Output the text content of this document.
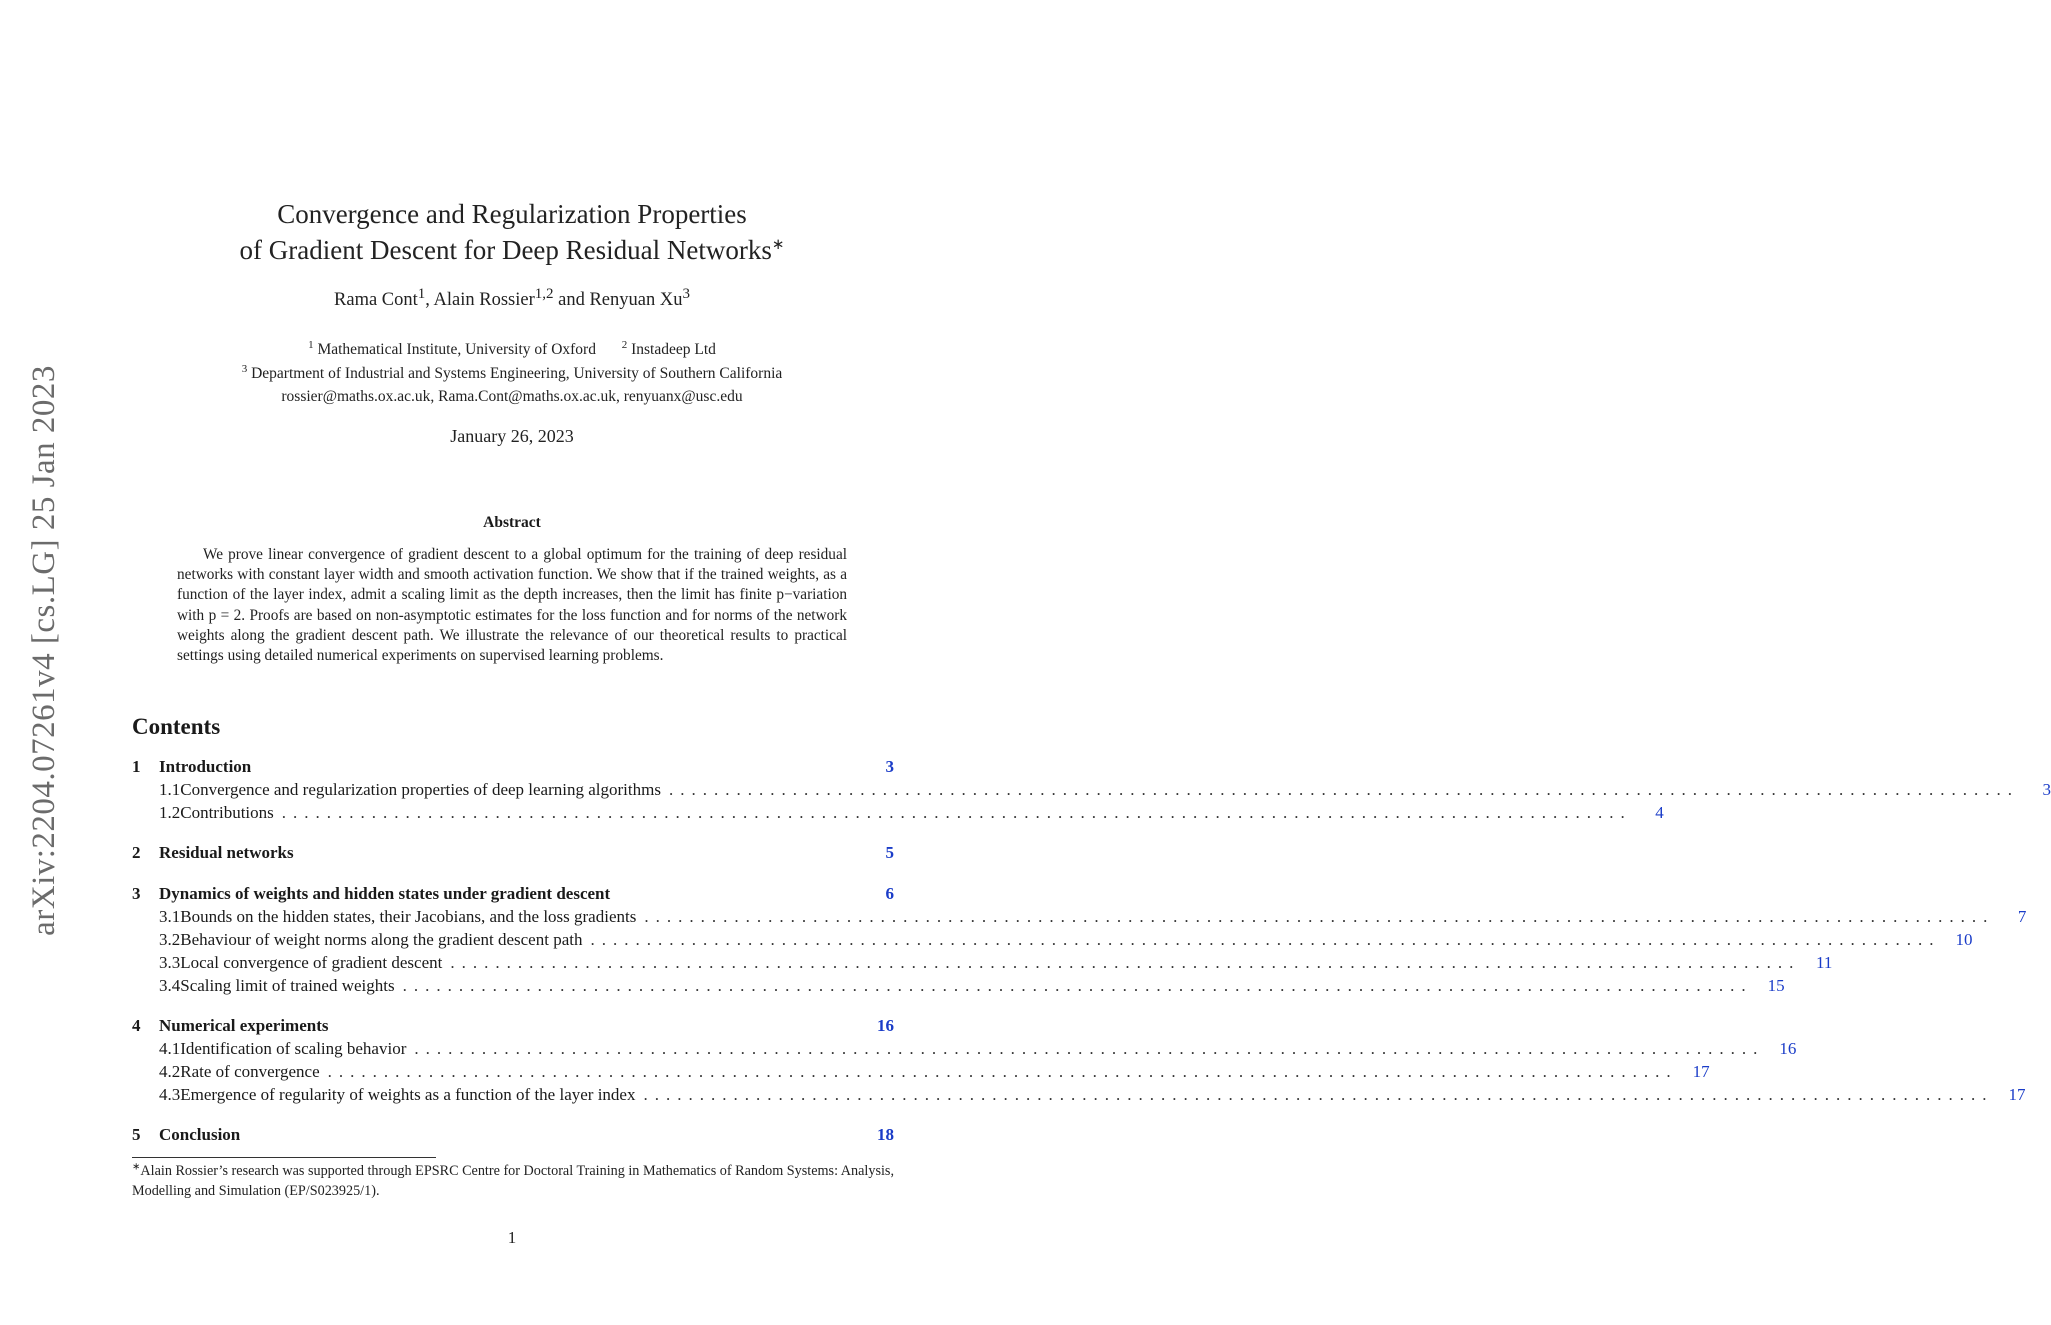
arXiv:2204.07261v4 [cs.LG] 25 Jan 2023
Convergence and Regularization Properties
of Gradient Descent for Deep Residual Networks∗
Rama Cont$^1$, Alain Rossier$^{1,2}$ and Renyuan Xu$^3$
$^1$ Mathematical Institute, University of Oxford $^2$ Instadeep Ltd
$^3$ Department of Industrial and Systems Engineering, University of Southern California
rossier@maths.ox.ac.uk, Rama.Cont@maths.ox.ac.uk, renyuanx@usc.edu
January 26, 2023
Abstract
We prove linear convergence of gradient descent to a global optimum for the training of deep residual networks with constant layer width and smooth activation function. We show that if the trained weights, as a function of the layer index, admit a scaling limit as the depth increases, then the limit has finite p−variation with p = 2. Proofs are based on non-asymptotic estimates for the loss function and for norms of the network weights along the gradient descent path. We illustrate the relevance of our theoretical results to practical settings using detailed numerical experiments on supervised learning problems.
Contents
1	Introduction	3
1.1 Convergence and regularization properties of deep learning algorithms ........................................................................................................................	3
1.2 Contributions ........................................................................................................................	4
2	Residual networks	5
3	Dynamics of weights and hidden states under gradient descent	6
3.1 Bounds on the hidden states, their Jacobians, and the loss gradients ........................................................................................................................	7
3.2 Behaviour of weight norms along the gradient descent path ........................................................................................................................ 10
3.3 Local convergence of gradient descent ........................................................................................................................ 11
3.4 Scaling limit of trained weights ........................................................................................................................ 15
4	Numerical experiments	16
4.1 Identification of scaling behavior ........................................................................................................................ 16
4.2 Rate of convergence ........................................................................................................................ 17
4.3 Emergence of regularity of weights as a function of the layer index ........................................................................................................................ 17
5	Conclusion	18
∗Alain Rossier’s research was supported through EPSRC Centre for Doctoral Training in Mathematics of Random Systems: Analysis, Modelling and Simulation (EP/S023925/1).
1
